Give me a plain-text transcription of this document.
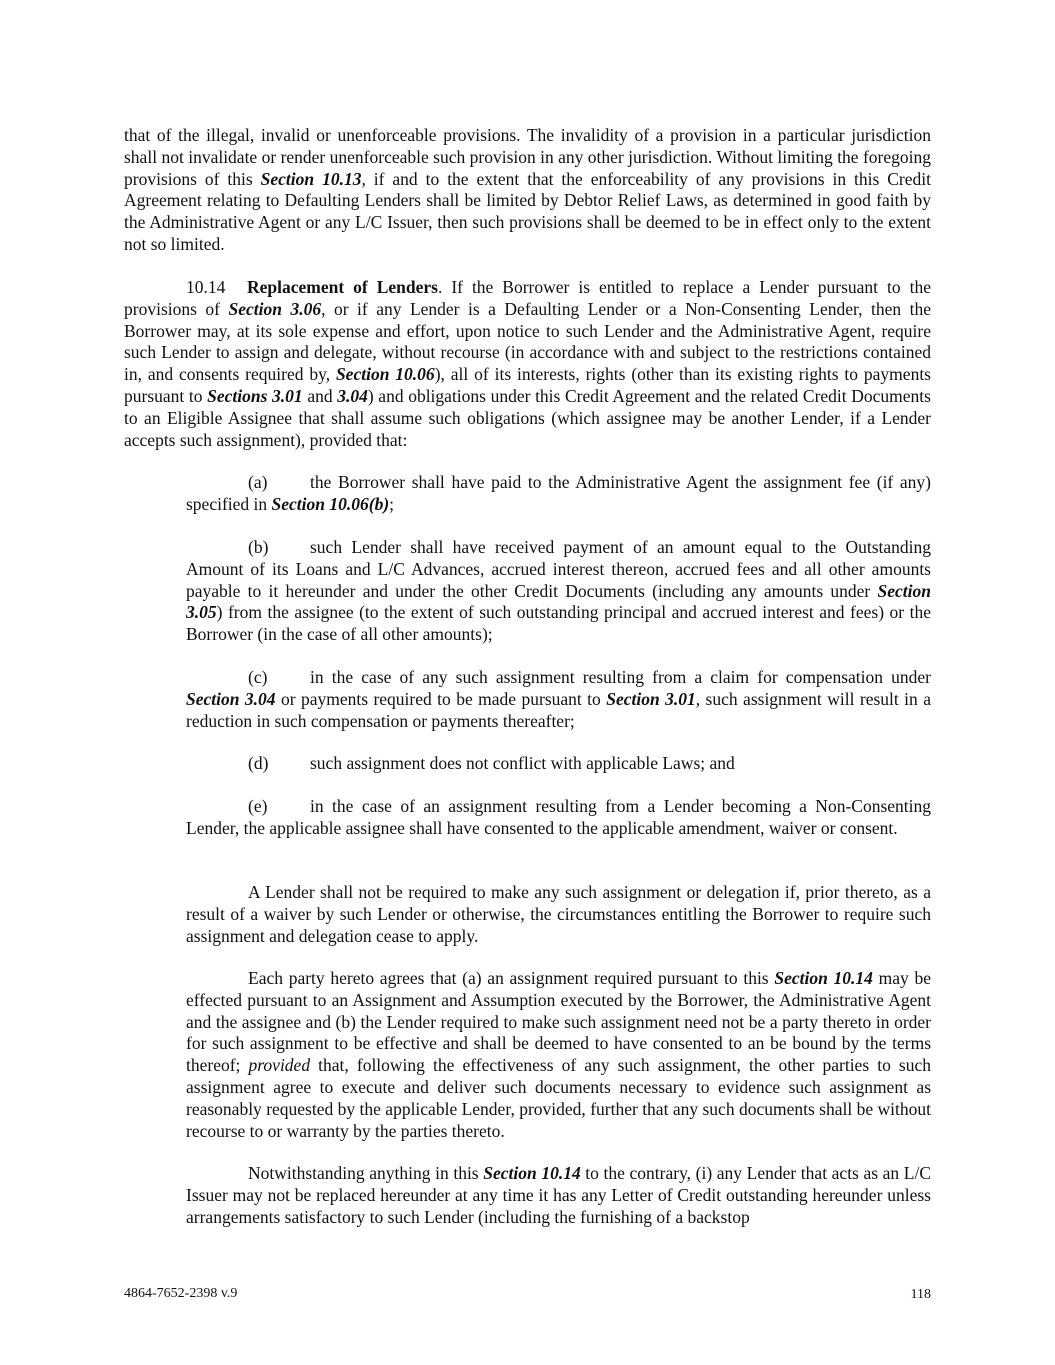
that of the illegal, invalid or unenforceable provisions. The invalidity of a provision in a particular jurisdiction shall not invalidate or render unenforceable such provision in any other jurisdiction. Without limiting the foregoing provisions of this Section 10.13, if and to the extent that the enforceability of any provisions in this Credit Agreement relating to Defaulting Lenders shall be limited by Debtor Relief Laws, as determined in good faith by the Administrative Agent or any L/C Issuer, then such provisions shall be deemed to be in effect only to the extent not so limited.

10.14 Replacement of Lenders. If the Borrower is entitled to replace a Lender pursuant to the provisions of Section 3.06, or if any Lender is a Defaulting Lender or a Non-Consenting Lender, then the Borrower may, at its sole expense and effort, upon notice to such Lender and the Administrative Agent, require such Lender to assign and delegate, without recourse (in accordance with and subject to the restrictions contained in, and consents required by, Section 10.06), all of its interests, rights (other than its existing rights to payments pursuant to Sections 3.01 and 3.04) and obligations under this Credit Agreement and the related Credit Documents to an Eligible Assignee that shall assume such obligations (which assignee may be another Lender, if a Lender accepts such assignment), provided that:

(a) the Borrower shall have paid to the Administrative Agent the assignment fee (if any) specified in Section 10.06(b);

(b) such Lender shall have received payment of an amount equal to the Outstanding Amount of its Loans and L/C Advances, accrued interest thereon, accrued fees and all other amounts payable to it hereunder and under the other Credit Documents (including any amounts under Section 3.05) from the assignee (to the extent of such outstanding principal and accrued interest and fees) or the Borrower (in the case of all other amounts);

(c) in the case of any such assignment resulting from a claim for compensation under Section 3.04 or payments required to be made pursuant to Section 3.01, such assignment will result in a reduction in such compensation or payments thereafter;

(d) such assignment does not conflict with applicable Laws; and

(e) in the case of an assignment resulting from a Lender becoming a Non-Consenting Lender, the applicable assignee shall have consented to the applicable amendment, waiver or consent.

A Lender shall not be required to make any such assignment or delegation if, prior thereto, as a result of a waiver by such Lender or otherwise, the circumstances entitling the Borrower to require such assignment and delegation cease to apply.

Each party hereto agrees that (a) an assignment required pursuant to this Section 10.14 may be effected pursuant to an Assignment and Assumption executed by the Borrower, the Administrative Agent and the assignee and (b) the Lender required to make such assignment need not be a party thereto in order for such assignment to be effective and shall be deemed to have consented to an be bound by the terms thereof; provided that, following the effectiveness of any such assignment, the other parties to such assignment agree to execute and deliver such documents necessary to evidence such assignment as reasonably requested by the applicable Lender, provided, further that any such documents shall be without recourse to or warranty by the parties thereto.

Notwithstanding anything in this Section 10.14 to the contrary, (i) any Lender that acts as an L/C Issuer may not be replaced hereunder at any time it has any Letter of Credit outstanding hereunder unless arrangements satisfactory to such Lender (including the furnishing of a backstop

4864-7652-2398 v.9	118
